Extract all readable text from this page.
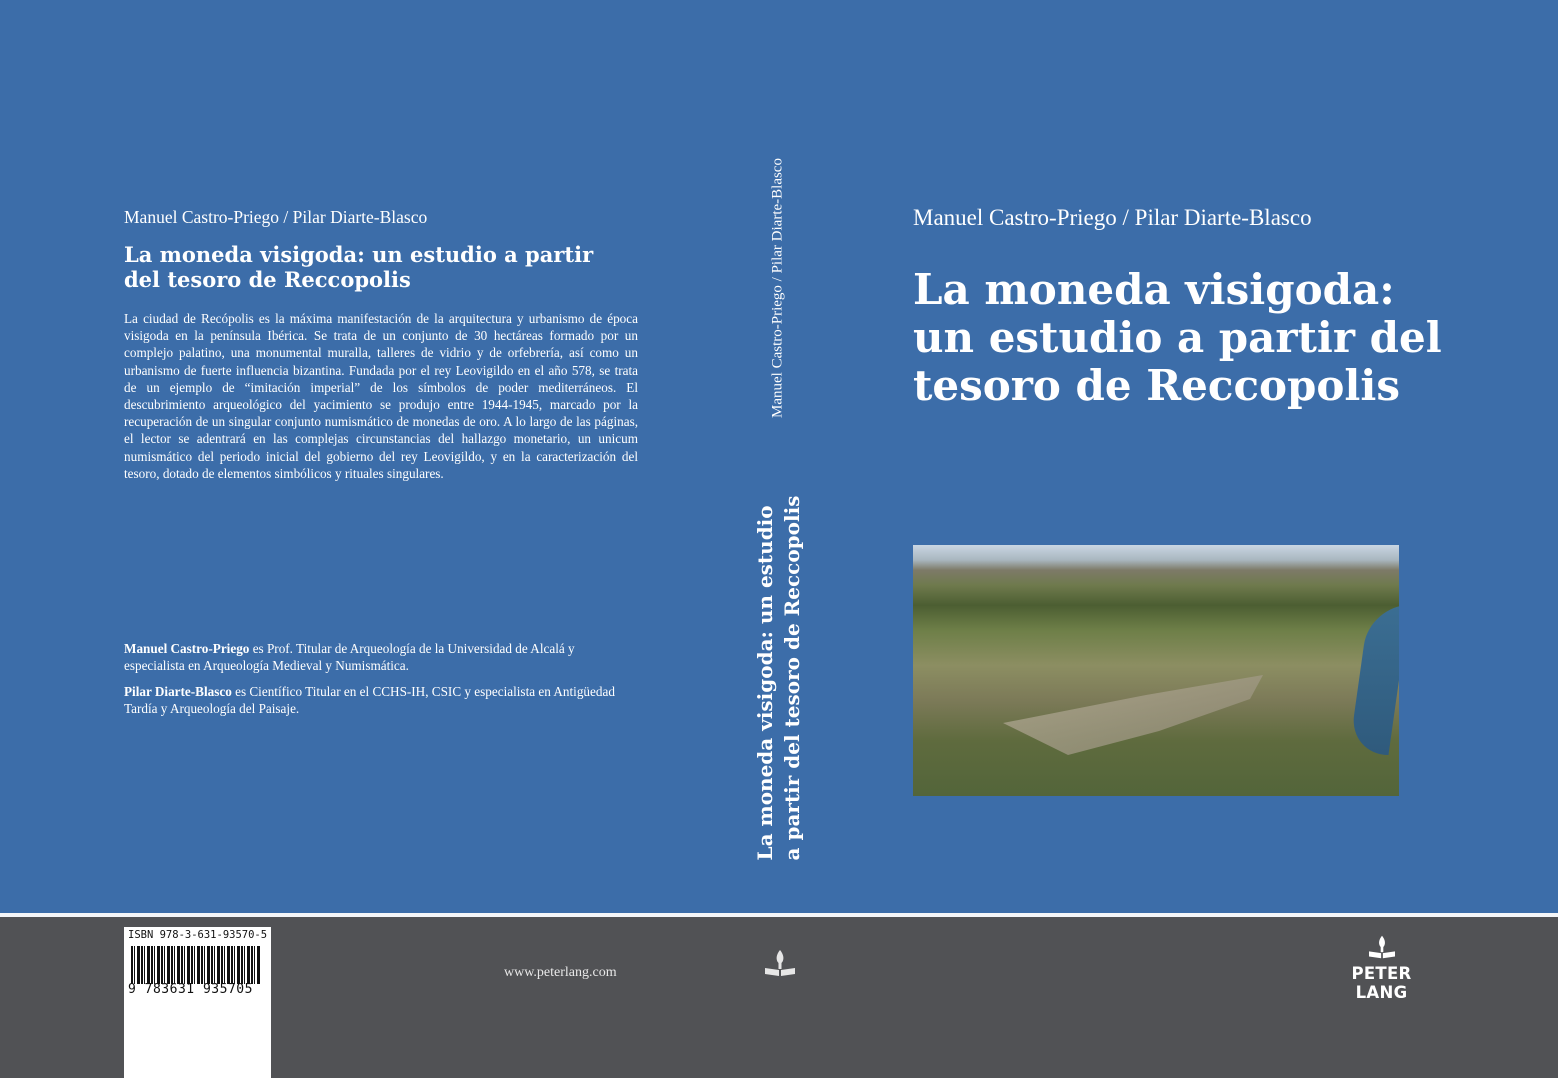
Manuel Castro-Priego / Pilar Diarte-Blasco
La moneda visigoda: un estudio a partir
del tesoro de Reccopolis
La ciudad de Recópolis es la máxima manifestación de la arquitectura y urbanismo de época visigoda en la península Ibérica. Se trata de un conjunto de 30 hectáreas formado por un complejo palatino, una monumental muralla, talleres de vidrio y de orfebrería, así como un urbanismo de fuerte influencia bizantina. Fundada por el rey Leovigildo en el año 578, se trata de un ejemplo de “imitación imperial” de los símbolos de poder mediterráneos. El descubrimiento arqueológico del yacimiento se produjo entre 1944-1945, marcado por la recuperación de un singular conjunto numismático de monedas de oro. A lo largo de las páginas, el lector se adentrará en las complejas circunstancias del hallazgo monetario, un unicum numismático del periodo inicial del gobierno del rey Leovigildo, y en la caracterización del tesoro, dotado de elementos simbólicos y rituales singulares.
Manuel Castro-Priego es Prof. Titular de Arqueología de la Universidad de Alcalá y especialista en Arqueología Medieval y Numismática.
Pilar Diarte-Blasco es Científico Titular en el CCHS-IH, CSIC y especialista en Antigüedad Tardía y Arqueología del Paisaje.
Manuel Castro-Priego / Pilar Diarte-Blasco
La moneda visigoda: un estudio a partir del tesoro de Reccopolis
Manuel Castro-Priego / Pilar Diarte-Blasco
La moneda visigoda:
un estudio a partir del
tesoro de Reccopolis
ISBN 978-3-631-93570-5
9 783631 935705
www.peterlang.com	PETER LANG
